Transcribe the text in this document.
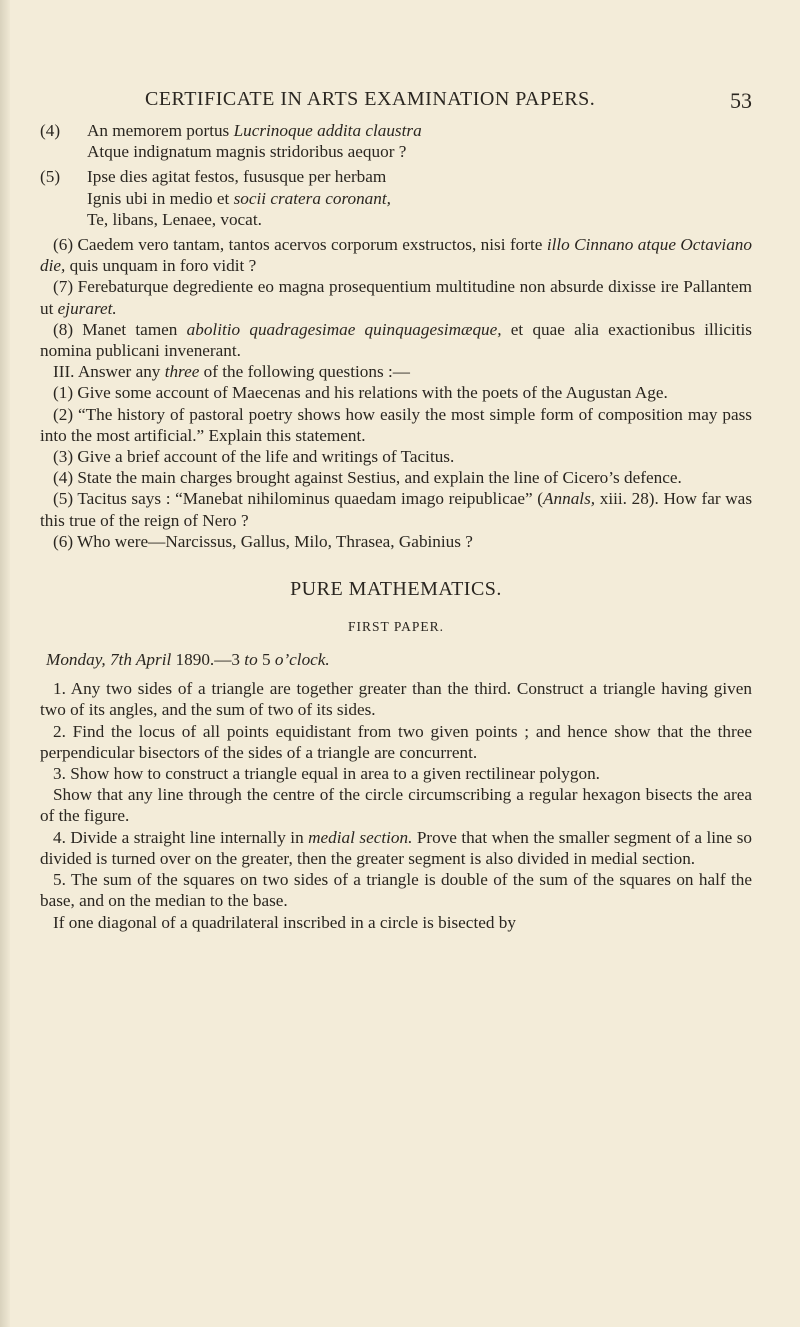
CERTIFICATE IN ARTS EXAMINATION PAPERS.	53
(4) An memorem portus Lucrinoque addita claustra
Atque indignatum magnis stridoribus aequor ?
(5) Ipse dies agitat festos, fususque per herbam
Ignis ubi in medio et socii cratera coronant,
Te, libans, Lenaee, vocat.

(6) Caedem vero tantam, tantos acervos corporum exstructos, nisi forte illo Cinnano atque Octaviano die, quis unquam in foro vidit ?

(7) Ferebaturque degrediente eo magna prosequentium multitudine non absurde dixisse ire Pallantem ut ejuraret.

(8) Manet tamen abolitio quadragesimae quinquagesimæque, et quae alia exactionibus illicitis nomina publicani invenerant.

III. Answer any three of the following questions :—

(1) Give some account of Maecenas and his relations with the poets of the Augustan Age.

(2) “The history of pastoral poetry shows how easily the most simple form of composition may pass into the most artificial.” Explain this statement.

(3) Give a brief account of the life and writings of Tacitus.

(4) State the main charges brought against Sestius, and explain the line of Cicero’s defence.

(5) Tacitus says : “Manebat nihilominus quaedam imago reipublicae” (Annals, xiii. 28). How far was this true of the reign of Nero ?

(6) Who were—Narcissus, Gallus, Milo, Thrasea, Gabinius ?

PURE MATHEMATICS.
FIRST PAPER.
Monday, 7th April 1890.—3 to 5 o’clock.

1. Any two sides of a triangle are together greater than the third. Construct a triangle having given two of its angles, and the sum of two of its sides.

2. Find the locus of all points equidistant from two given points ; and hence show that the three perpendicular bisectors of the sides of a triangle are concurrent.

3. Show how to construct a triangle equal in area to a given rectilinear polygon.

Show that any line through the centre of the circle circumscribing a regular hexagon bisects the area of the figure.

4. Divide a straight line internally in medial section. Prove that when the smaller segment of a line so divided is turned over on the greater, then the greater segment is also divided in medial section.

5. The sum of the squares on two sides of a triangle is double of the sum of the squares on half the base, and on the median to the base.

If one diagonal of a quadrilateral inscribed in a circle is bisected by
